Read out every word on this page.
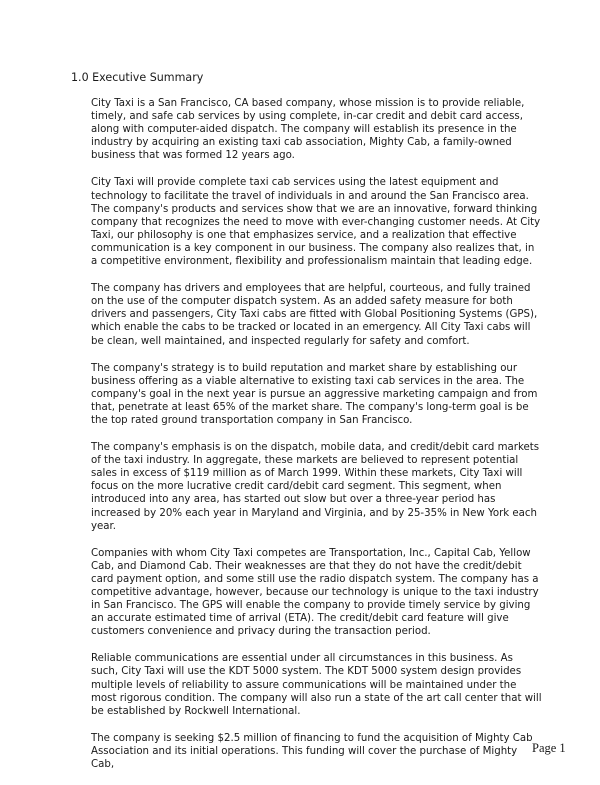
1.0 Executive Summary

City Taxi is a San Francisco, CA based company, whose mission is to provide reliable, timely, and safe cab services by using complete, in-car credit and debit card access, along with computer-aided dispatch. The company will establish its presence in the industry by acquiring an existing taxi cab association, Mighty Cab, a family-owned business that was formed 12 years ago.

City Taxi will provide complete taxi cab services using the latest equipment and technology to facilitate the travel of individuals in and around the San Francisco area. The company's products and services show that we are an innovative, forward thinking company that recognizes the need to move with ever-changing customer needs. At City Taxi, our philosophy is one that emphasizes service, and a realization that effective communication is a key component in our business. The company also realizes that, in a competitive environment, flexibility and professionalism maintain that leading edge.

The company has drivers and employees that are helpful, courteous, and fully trained on the use of the computer dispatch system. As an added safety measure for both drivers and passengers, City Taxi cabs are fitted with Global Positioning Systems (GPS), which enable the cabs to be tracked or located in an emergency. All City Taxi cabs will be clean, well maintained, and inspected regularly for safety and comfort.

The company's strategy is to build reputation and market share by establishing our business offering as a viable alternative to existing taxi cab services in the area. The company's goal in the next year is pursue an aggressive marketing campaign and from that, penetrate at least 65% of the market share. The company's long-term goal is be the top rated ground transportation company in San Francisco.

The company's emphasis is on the dispatch, mobile data, and credit/debit card markets of the taxi industry. In aggregate, these markets are believed to represent potential sales in excess of $119 million as of March 1999. Within these markets, City Taxi will focus on the more lucrative credit card/debit card segment. This segment, when introduced into any area, has started out slow but over a three-year period has increased by 20% each year in Maryland and Virginia, and by 25-35% in New York each year.

Companies with whom City Taxi competes are Transportation, Inc., Capital Cab, Yellow Cab, and Diamond Cab. Their weaknesses are that they do not have the credit/debit card payment option, and some still use the radio dispatch system. The company has a competitive advantage, however, because our technology is unique to the taxi industry in San Francisco. The GPS will enable the company to provide timely service by giving an accurate estimated time of arrival (ETA). The credit/debit card feature will give customers convenience and privacy during the transaction period.

Reliable communications are essential under all circumstances in this business. As such, City Taxi will use the KDT 5000 system. The KDT 5000 system design provides multiple levels of reliability to assure communications will be maintained under the most rigorous condition. The company will also run a state of the art call center that will be established by Rockwell International.

The company is seeking $2.5 million of financing to fund the acquisition of Mighty Cab Association and its initial operations. This funding will cover the purchase of Mighty Cab,

Page 1
